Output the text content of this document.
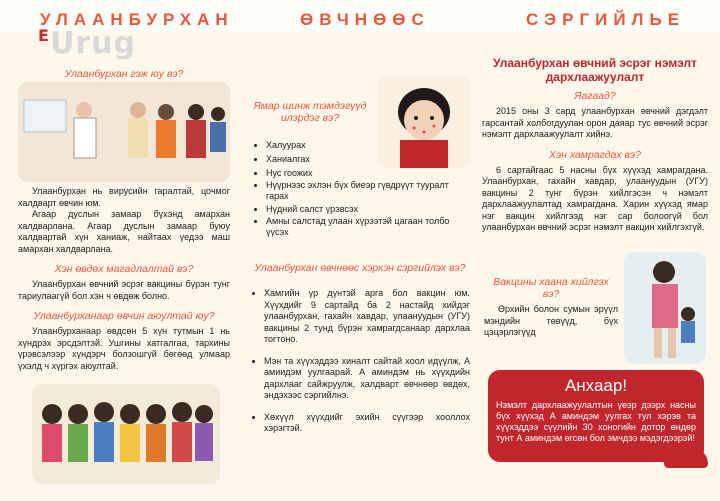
УЛААНБУРХАН	ӨВЧНӨӨС	СЭРГИЙЛЬЕ
$^E$Urug

Улаанбурхан гэж юу вэ?

Улаанбурхан нь вирусийн гаралтай, цочмог халдварт өвчин юм.

Агаар дуслын замаар бүхэнд амархан халдварлана. Агаар дуслын замаар буюу халдвартай хүн ханиаж, найтаах үедээ маш амархан халдварлана.

Хэн өвдөх магадлалтай вэ?

Улаанбурхан өвчний эсрэг вакцины бүрэн тунг тариулаагүй бол хэн ч өвдөж болно.

Улаанбурханаар өвчин аюултай юу?

Улаанбурханаар өвдсөн 5 хүн тутмын 1 нь хүндрэх эрсдэлтэй. Ушгины хатгалгаа, тархины үрэвсэлээр хүндэрч болзошгүй бөгөөд улмаар үхэлд ч хүргэх аюултай.

Ямар шинж тэмдэгүүд илэрдэг вэ?

• Халуурах
• Ханиалгах
• Нус гоожих
• Нүүрнээс эхлэн бүх биеэр гүвдрүүт тууралт гарах
• Нүдний салст үрэвсэх
• Амны салстад улаан хүрээтэй цагаан толбо үүсэх

Улаанбурхан өвчнөөс хэрхэн сэргийлэх вэ?

• Хамгийн үр дүнтэй арга бол вакцин юм. Хүүхдийг 9 сартайд ба 2 настайд хийдэг улаанбурхан, гахайн хавдар, улаануудын (УГУ) вакцины 2 тунд бүрэн хамрагдсанаар дархлаа тогтоно.
• Мэн та хүүхэддээ хиналт сайтай хоол идүүлж, А амиидэм уулгаарай. А аминдэм нь хүүхдийн дархлааг сайжруулж, халдварт өвчнөөр өвдөх, эндэхээс сэргийлнэ.
• Хөхүүл хүүхдийг эхийн сүүгээр хооллох хэрэгтэй.

Улаанбурхан өвчний эсрэг нэмэлт дархлаажуулалт

Яагаад?

2015 оны 3 сард улаанбурхан өвчний дэгдэлт гарсантай холбогдуулан орон даяар тус өвчний эсрэг нэмэлт дархлаажуулалт хийнэ.

Хэн хамрагдах вэ?

6 сартайгаас 5 насны бүх хүүхэд хамрагдана. Улаанбурхан, гахайн хавдар, улаануудын (УГУ) вакцины 2 тунг бүрэн хийлгэсэн ч нэмэлт дархлаажуулалтад хамрагдана. Харин хүүхэд ямар нэг вакцин хийлгээд нэг сар болоогүй бол улаанбурхан өвчний эсрэг нэмэлт вакцин хийлгэхгүй.

Вакцины хаана хийлгэх вэ?

Өрхийн болон сумын эрүүл мэндийн төвүүд, бүх цэцэрлэгүүд

Анхаар!
Нэмэлт дархлаажуулалтын үеэр дээрх насны бүх хүүхэд А аминдэм уулгах тул хэрэв та хүүхэддээ сүүлийн 30 хоногийн дотор өндөр тунт А аминдэм өгсөн бол эмчдээ мэдэгдээрэй!
